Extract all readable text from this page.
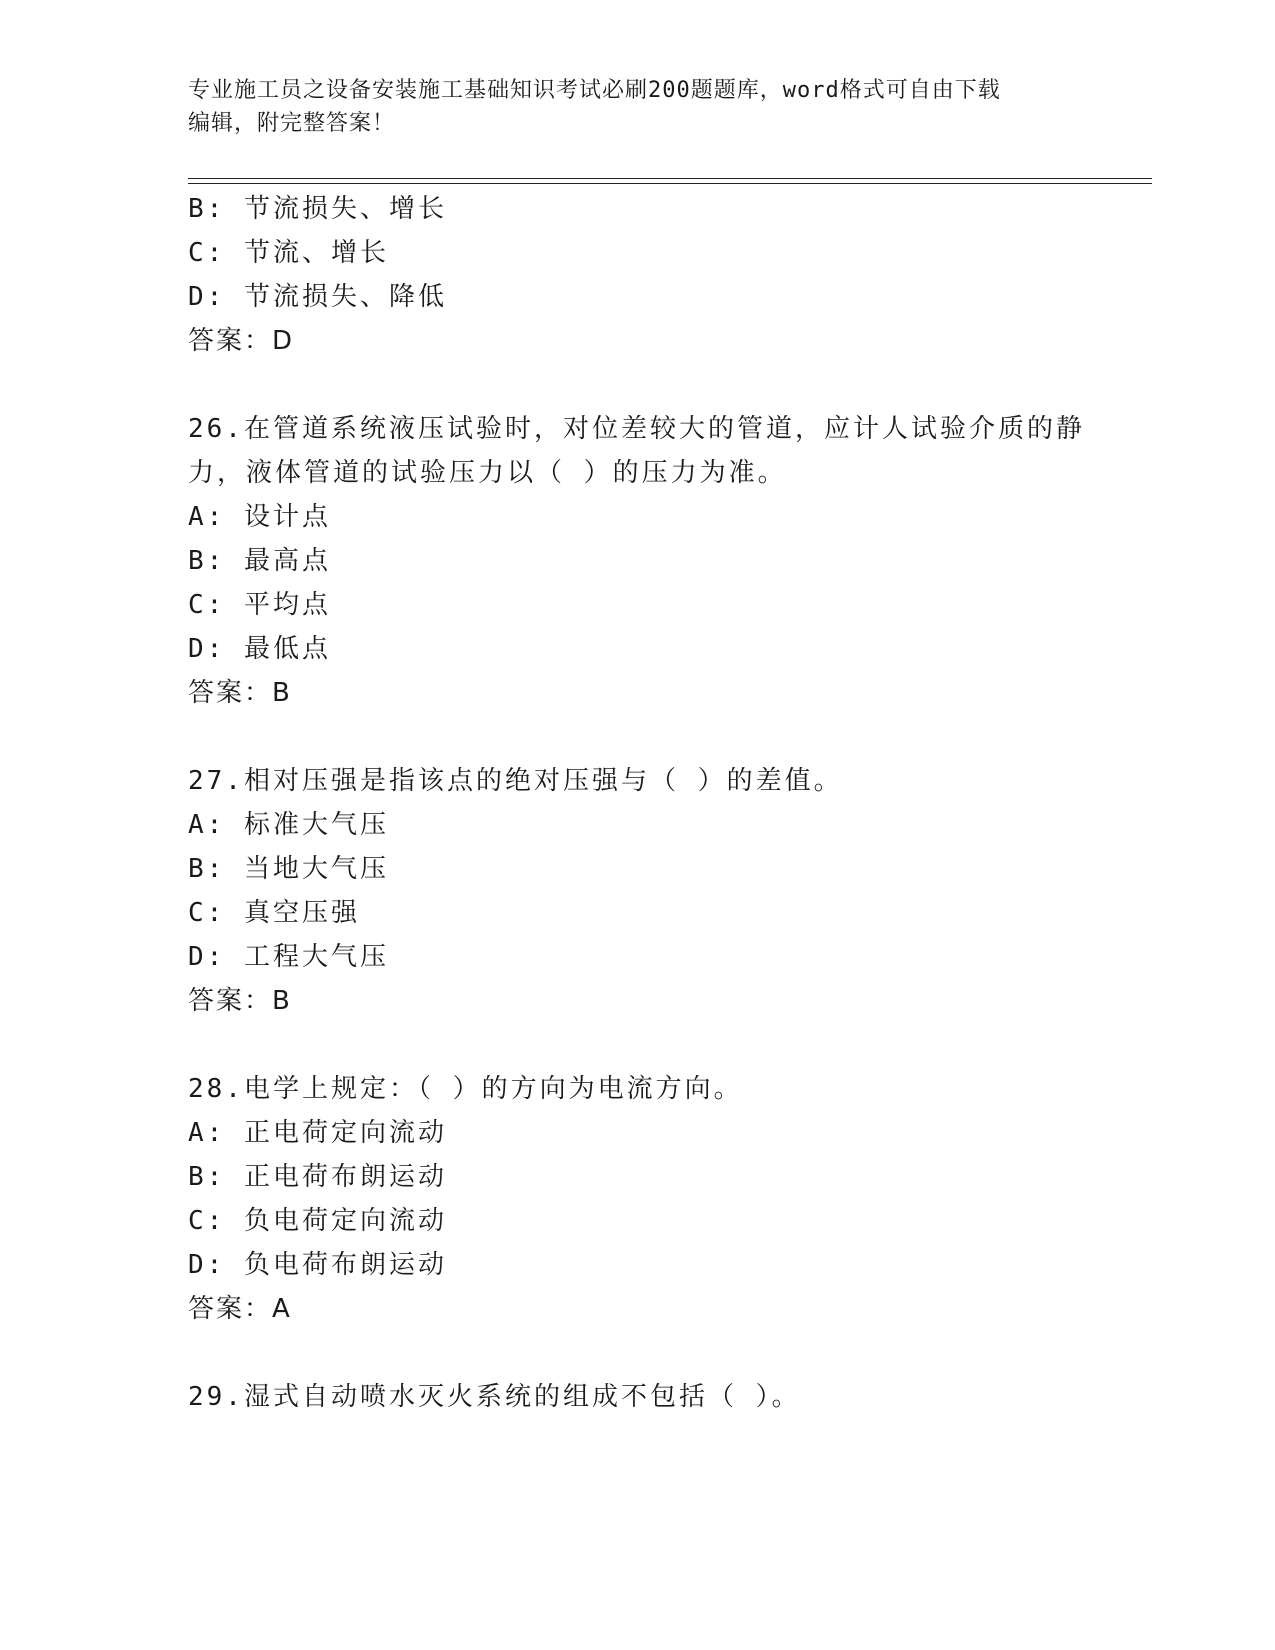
专业施工员之设备安装施工基础知识考试必刷200题题库，word格式可自由下载
编辑，附完整答案！
B: 节流损失、增长
C: 节流、增长
D: 节流损失、降低
答案：D
26.在管道系统液压试验时，对位差较大的管道，应计人试验介质的静
力，液体管道的试验压力以（ ）的压力为准。
A: 设计点
B: 最高点
C: 平均点
D: 最低点
答案：B
27.相对压强是指该点的绝对压强与（ ）的差值。
A: 标准大气压
B: 当地大气压
C: 真空压强
D: 工程大气压
答案：B
28.电学上规定：（ ）的方向为电流方向。
A: 正电荷定向流动
B: 正电荷布朗运动
C: 负电荷定向流动
D: 负电荷布朗运动
答案：A
29.湿式自动喷水灭火系统的组成不包括（ ）。
